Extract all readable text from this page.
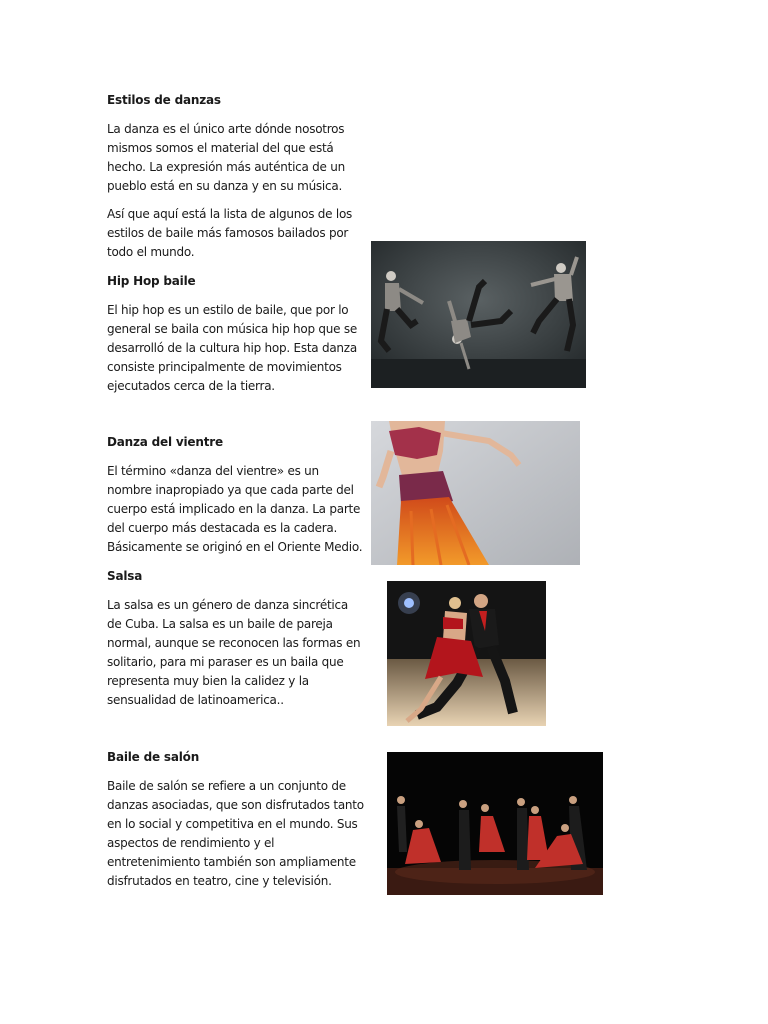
Estilos de danzas

La danza es el único arte dónde nosotros mismos somos el material del que está hecho. La expresión más auténtica de un pueblo está en su danza y en su música.

Así que aquí está la lista de algunos de los estilos de baile más famosos bailados por todo el mundo.

Hip Hop baile

El hip hop es un estilo de baile, que por lo general se baila con música hip hop que se desarrolló de la cultura hip hop. Esta danza consiste principalmente de movimientos ejecutados cerca de la tierra.

Danza del vientre

El término «danza del vientre» es un nombre inapropiado ya que cada parte del cuerpo está implicado en la danza. La parte del cuerpo más destacada es la cadera. Básicamente se originó en el Oriente Medio.

Salsa

La salsa es un género de danza sincrética de Cuba. La salsa es un baile de pareja normal, aunque se reconocen las formas en solitario, para mi paraser es un baila que representa muy bien la calidez y la sensualidad de latinoamerica..

Baile de salón

Baile de salón se refiere a un conjunto de danzas asociadas, que son disfrutados tanto en lo social y competitiva en el mundo. Sus aspectos de rendimiento y el entretenimiento también son ampliamente disfrutados en teatro, cine y televisión.
